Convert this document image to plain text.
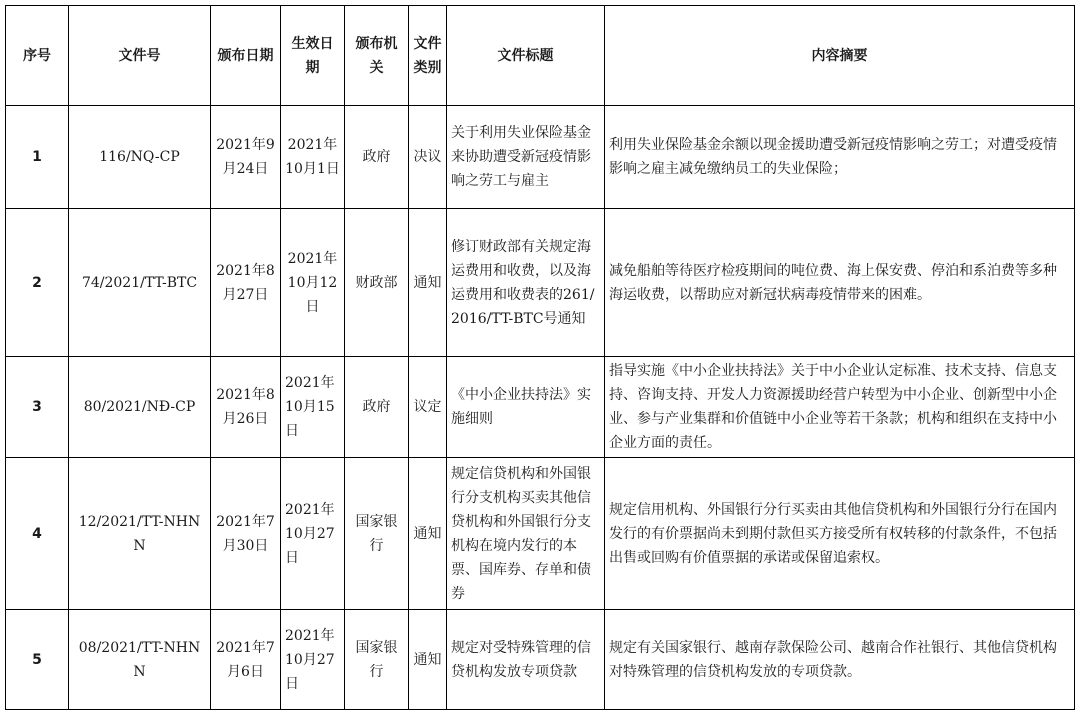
序号	文件号	颁布日期	生效日期	颁布机关	文件类别	文件标题	内容摘要
1	116/NQ-CP	2021年9月24日	2021年10月1日	政府	决议	关于利用失业保险基金来协助遭受新冠疫情影响之劳工与雇主	利用失业保险基金余额以现金援助遭受新冠疫情影响之劳工；对遭受疫情影响之雇主减免缴纳员工的失业保险；
2	74/2021/TT-BTC	2021年8月27日	2021年10月12日	财政部	通知	修订财政部有关规定海运费用和收费，以及海运费用和收费表的261/2016/TT-BTC号通知	减免船舶等待医疗检疫期间的吨位费、海上保安费、停泊和系泊费等多种海运收费，以帮助应对新冠状病毒疫情带来的困难。
3	80/2021/NĐ-CP	2021年8月26日	2021年10月15日	政府	议定	《中小企业扶持法》实施细则	指导实施《中小企业扶持法》关于中小企业认定标准、技术支持、信息支持、咨询支持、开发人力资源援助经营户转型为中小企业、创新型中小企业、参与产业集群和价值链中小企业等若干条款；机构和组织在支持中小企业方面的责任。
4	12/2021/TT-NHNN	2021年7月30日	2021年10月27日	国家银行	通知	规定信贷机构和外国银行分支机构买卖其他信贷机构和外国银行分支机构在境内发行的本票、国库券、存单和债券	规定信用机构、外国银行分行买卖由其他信贷机构和外国银行分行在国内发行的有价票据尚未到期付款但买方接受所有权转移的付款条件，不包括出售或回购有价值票据的承诺或保留追索权。
5	08/2021/TT-NHNN	2021年7月6日	2021年10月27日	国家银行	通知	规定对受特殊管理的信贷机构发放专项贷款	规定有关国家银行、越南存款保险公司、越南合作社银行、其他信贷机构对特殊管理的信贷机构发放的专项贷款。
